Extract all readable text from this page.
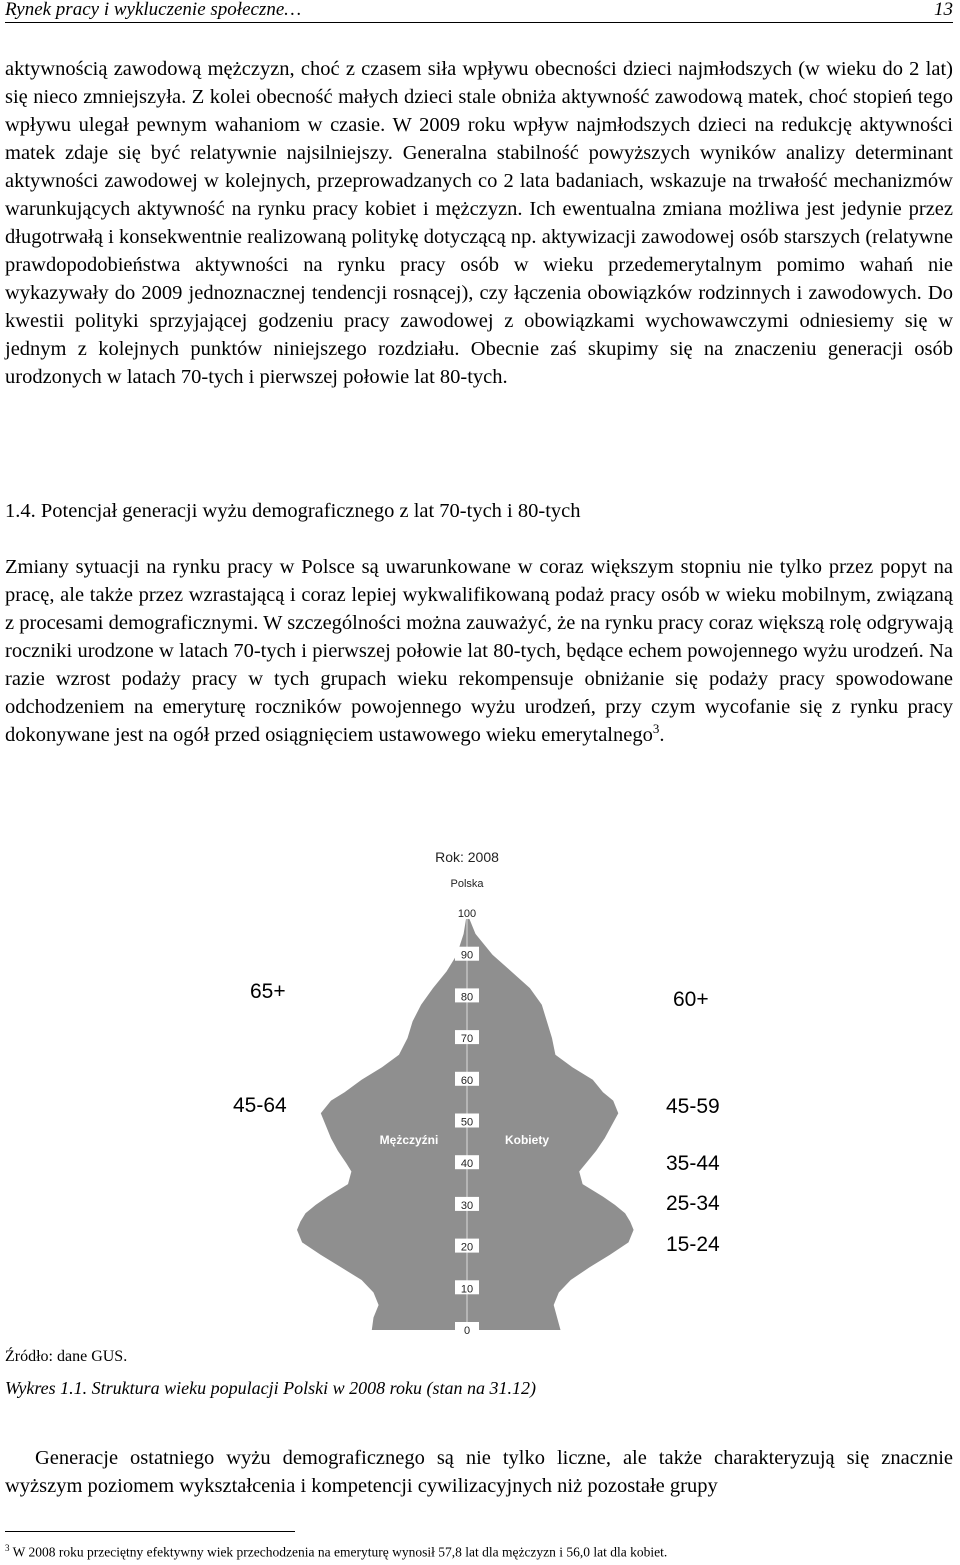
Rynek pracy i wykluczenie społeczne…	13

aktywnością zawodową mężczyzn, choć z czasem siła wpływu obecności dzieci najmłodszych (w wieku do 2 lat) się nieco zmniejszyła. Z kolei obecność małych dzieci stale obniża aktywność zawodową matek, choć stopień tego wpływu ulegał pewnym wahaniom w czasie. W 2009 roku wpływ najmłodszych dzieci na redukcję aktywności matek zdaje się być relatywnie najsilniejszy. Generalna stabilność powyższych wyników analizy determinant aktywności zawodowej w kolejnych, przeprowadzanych co 2 lata badaniach, wskazuje na trwałość mechanizmów warunkujących aktywność na rynku pracy kobiet i mężczyzn. Ich ewentualna zmiana możliwa jest jedynie przez długotrwałą i konsekwentnie realizowaną politykę dotyczącą np. aktywizacji zawodowej osób starszych (relatywne prawdopodobieństwa aktywności na rynku pracy osób w wieku przedemerytalnym pomimo wahań nie wykazywały do 2009 jednoznacznej tendencji rosnącej), czy łączenia obowiązków rodzinnych i zawodowych. Do kwestii polityki sprzyjającej godzeniu pracy zawodowej z obowiązkami wychowawczymi odniesiemy się w jednym z kolejnych punktów niniejszego rozdziału. Obecnie zaś skupimy się na znaczeniu generacji osób urodzonych w latach 70-tych i pierwszej połowie lat 80-tych.

1.4. Potencjał generacji wyżu demograficznego z lat 70-tych i 80-tych

Zmiany sytuacji na rynku pracy w Polsce są uwarunkowane w coraz większym stopniu nie tylko przez popyt na pracę, ale także przez wzrastającą i coraz lepiej wykwalifikowaną podaż pracy osób w wieku mobilnym, związaną z procesami demograficznymi. W szczególności można zauważyć, że na rynku pracy coraz większą rolę odgrywają roczniki urodzone w latach 70-tych i pierwszej połowie lat 80-tych, będące echem powojennego wyżu urodzeń. Na razie wzrost podaży pracy w tych grupach wieku rekompensuje obniżanie się podaży pracy spowodowane odchodzeniem na emeryturę roczników powojennego wyżu urodzeń, przy czym wycofanie się z rynku pracy dokonywane jest na ogół przed osiągnięciem ustawowego wieku emerytalnego$^3$.

0
10
20
30
40
50
60
70
80
90
100
Rok: 2008
Polska
Mężczyźni	Kobiety
65+
45-64
60+
45-59
35-44
25-34
15-24
Źródło: dane GUS.
Wykres 1.1. Struktura wieku populacji Polski w 2008 roku (stan na 31.12)

Generacje ostatniego wyżu demograficznego są nie tylko liczne, ale także charakteryzują się znacznie wyższym poziomem wykształcenia i kompetencji cywilizacyjnych niż pozostałe grupy

$^3$ W 2008 roku przeciętny efektywny wiek przechodzenia na emeryturę wynosił 57,8 lat dla mężczyzn i 56,0 lat dla kobiet.
